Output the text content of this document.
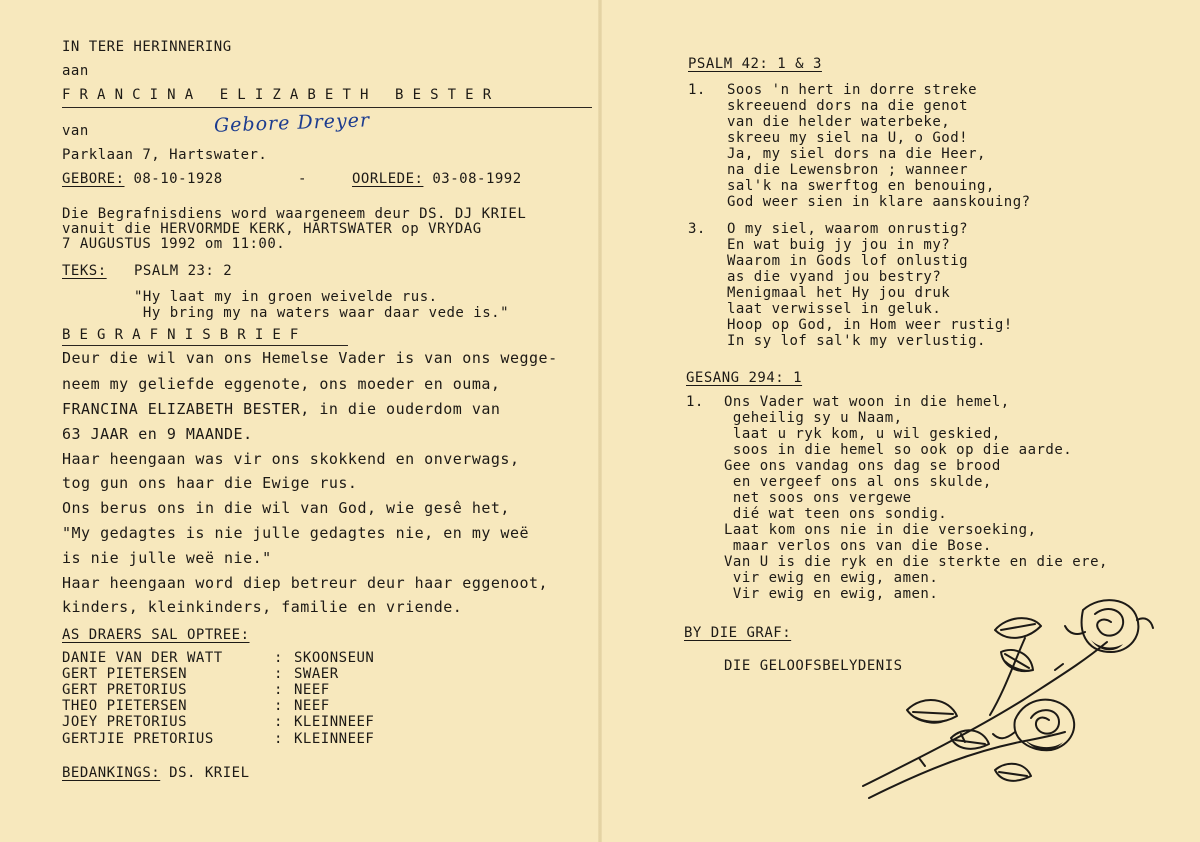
IN TERE HERINNERING
aan
FRANCINA ELIZABETH BESTER
van	Gebore Dreyer
Parklaan 7, Hartswater.
GEBORE: 08-10-1928	-	OORLEDE: 03-08-1992
Die Begrafnisdiens word waargeneem deur DS. DJ KRIEL
vanuit die HERVORMDE KERK, HARTSWATER op VRYDAG
7 AUGUSTUS 1992 om 11:00.
TEKS: PSALM 23: 2
"Hy laat my in groen weivelde rus.
Hy bring my na waters waar daar vede is."
BEGRAFNISBRIEF
Deur die wil van ons Hemelse Vader is van ons wegge-
neem my geliefde eggenote, ons moeder en ouma,
FRANCINA ELIZABETH BESTER, in die ouderdom van
63 JAAR en 9 MAANDE.
Haar heengaan was vir ons skokkend en onverwags,
tog gun ons haar die Ewige rus.
Ons berus ons in die wil van God, wie gesê het,
"My gedagtes is nie julle gedagtes nie, en my weë
is nie julle weë nie."
Haar heengaan word diep betreur deur haar eggenoot,
kinders, kleinkinders, familie en vriende.
AS DRAERS SAL OPTREE:
DANIE VAN DER WATT	: SKOONSEUN
GERT PIETERSEN	: SWAER
GERT PRETORIUS	: NEEF
THEO PIETERSEN	: NEEF
JOEY PRETORIUS	: KLEINNEEF
GERTJIE PRETORIUS	: KLEINNEEF
BEDANKINGS: DS. KRIEL
PSALM 42: 1 & 3
1. Soos 'n hert in dorre streke
skreeuend dors na die genot
van die helder waterbeke,
skreeu my siel na U, o God!
Ja, my siel dors na die Heer,
na die Lewensbron ; wanneer
sal'k na swerftog en benouing,
God weer sien in klare aanskouing?
3. O my siel, waarom onrustig?
En wat buig jy jou in my?
Waarom in Gods lof onlustig
as die vyand jou bestry?
Menigmaal het Hy jou druk
laat verwissel in geluk.
Hoop op God, in Hom weer rustig!
In sy lof sal'k my verlustig.
GESANG 294: 1
1. Ons Vader wat woon in die hemel,
geheilig sy u Naam,
laat u ryk kom, u wil geskied,
soos in die hemel so ook op die aarde.
Gee ons vandag ons dag se brood
en vergeef ons al ons skulde,
net soos ons vergewe
dié wat teen ons sondig.
Laat kom ons nie in die versoeking,
maar verlos ons van die Bose.
Van U is die ryk en die sterkte en die ere,
vir ewig en ewig, amen.
Vir ewig en ewig, amen.
BY DIE GRAF:
DIE GELOOFSBELYDENIS
